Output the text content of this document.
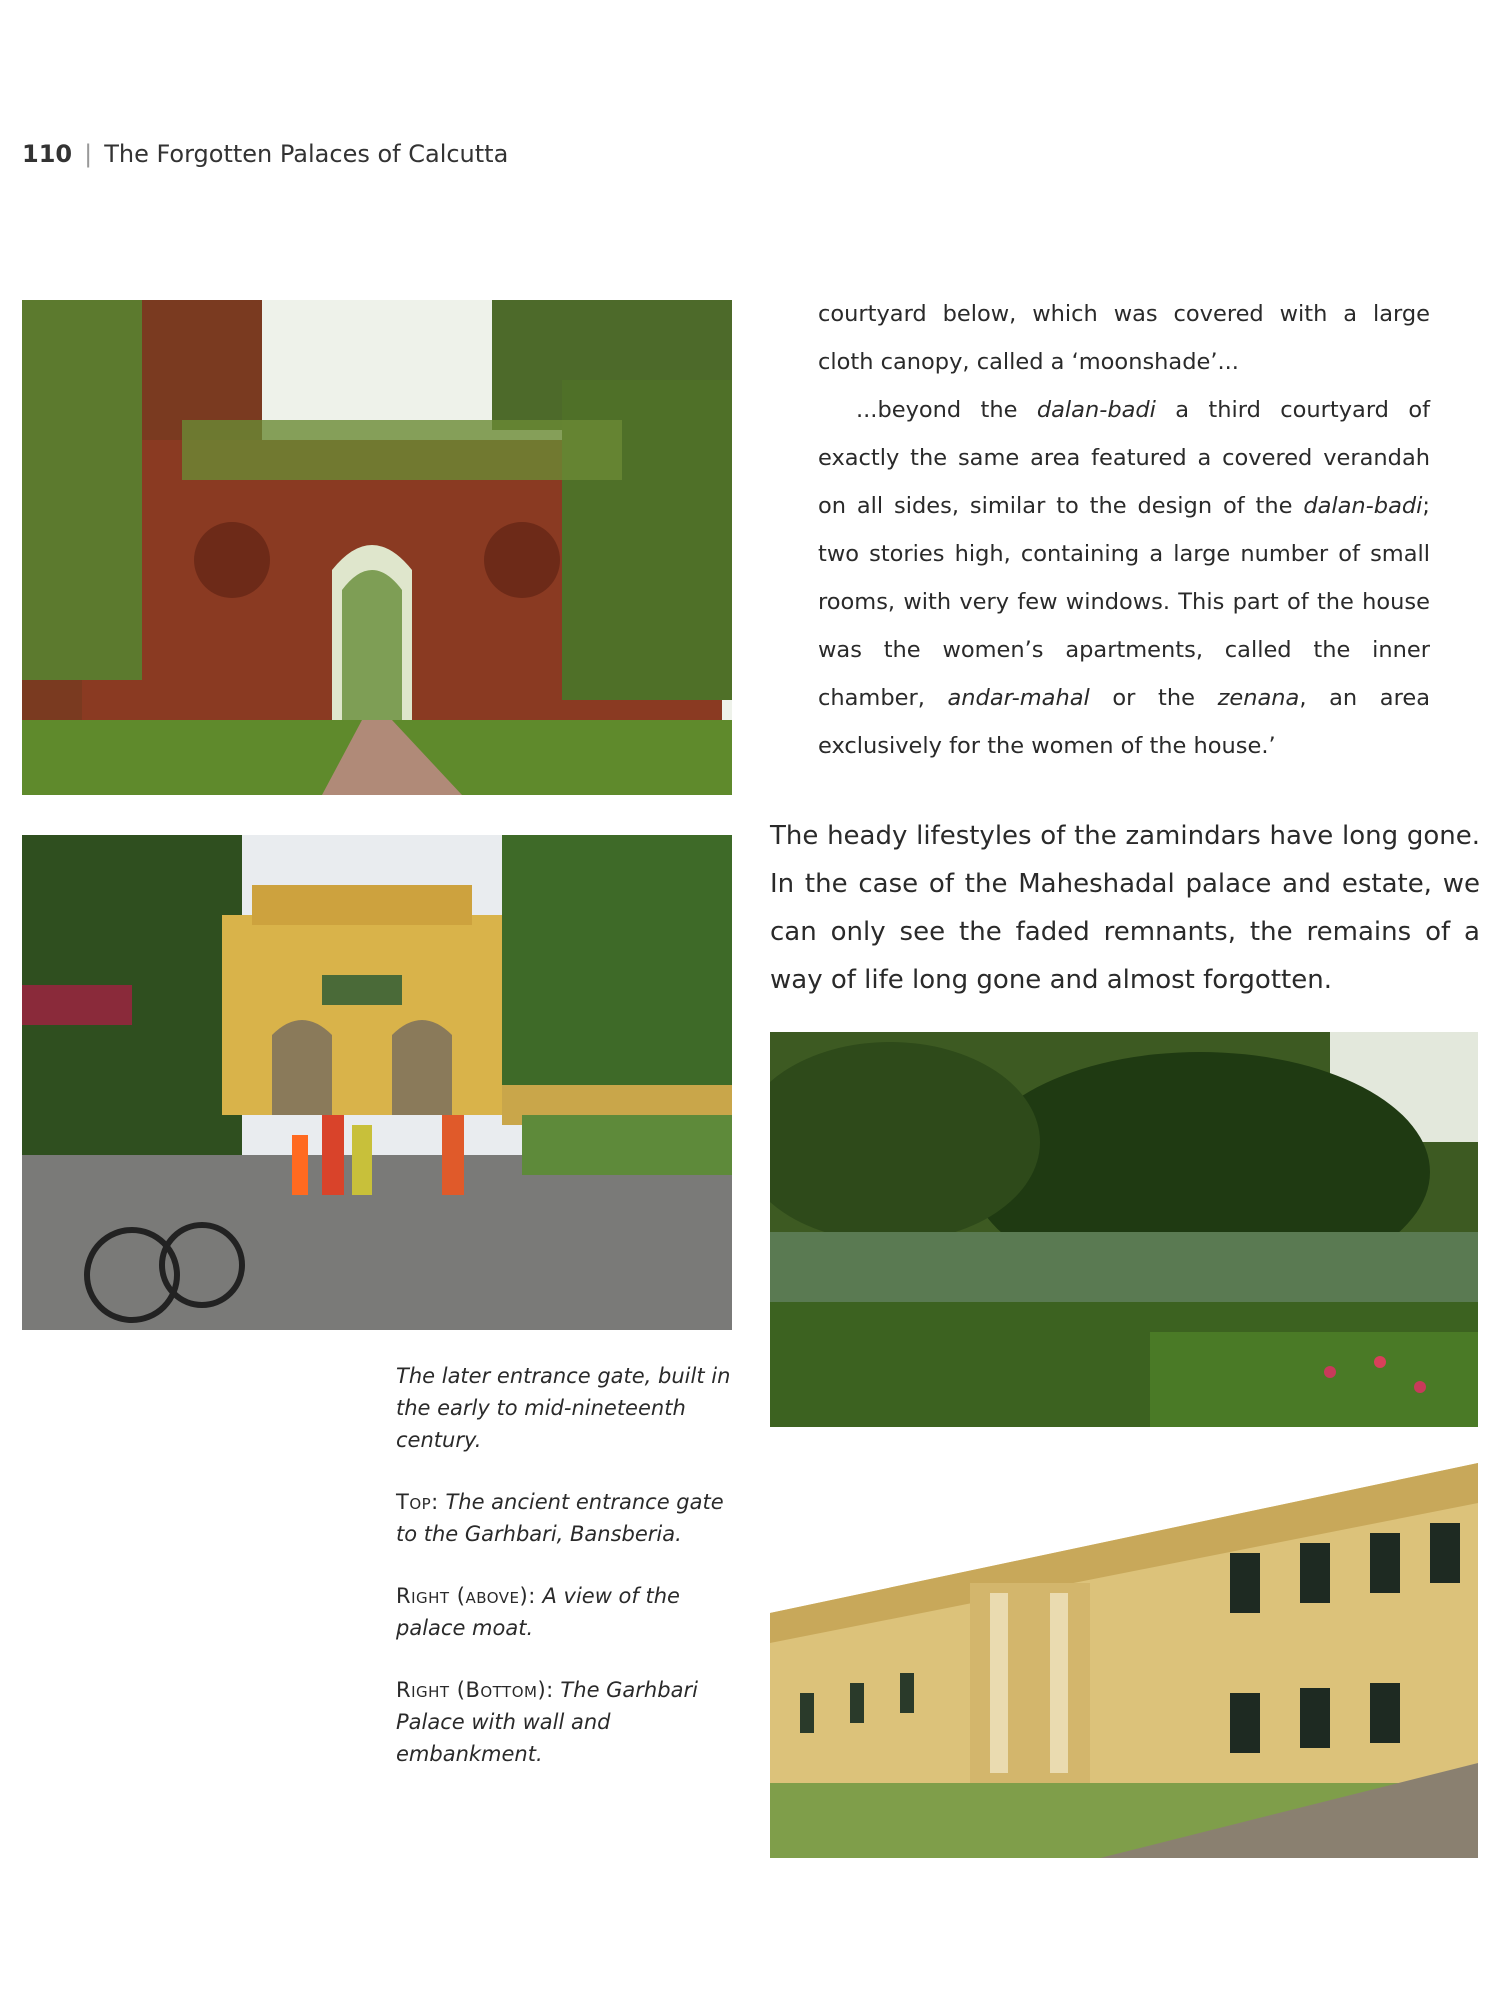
110 | The Forgotten Palaces of Calcutta

courtyard below, which was covered with a large cloth canopy, called a ‘moonshade’...

...beyond the dalan-badi a third courtyard of exactly the same area featured a covered verandah on all sides, similar to the design of the dalan-badi; two stories high, containing a large number of small rooms, with very few windows. This part of the house was the women’s apartments, called the inner chamber, andar-mahal or the zenana, an area exclusively for the women of the house.’

The heady lifestyles of the zamindars have long gone. In the case of the Maheshadal palace and estate, we can only see the faded remnants, the remains of a way of life long gone and almost forgotten.

The later entrance gate, built in the early to mid-nineteenth century.

Top: The ancient entrance gate to the Garhbari, Bansberia.

Right (above): A view of the palace moat.

Right (Bottom): The Garhbari Palace with wall and embankment.
